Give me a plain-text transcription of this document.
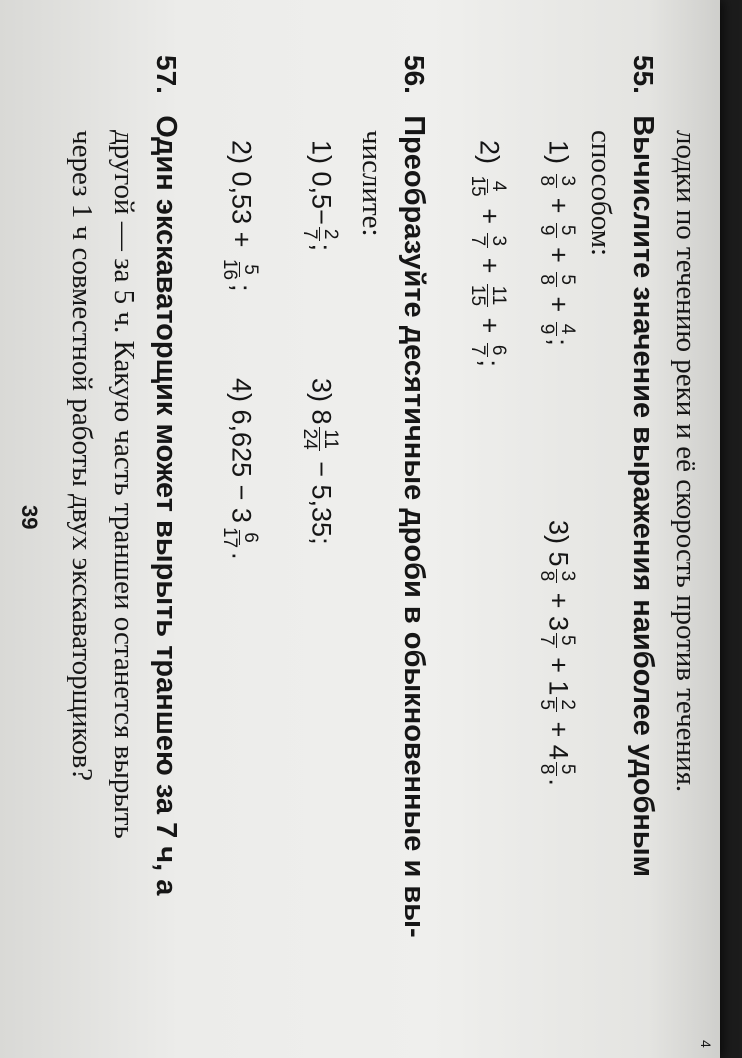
4
лодки по течению реки и её скорость против течения.
55. Вычислите значение выражения наиболее удобным
способом:
1)
3
8
+
5
9
+
5
8
+
4
9
;
3) 5
3
8
+ 3
5
7
+ 1
2
5
+ 4
5
8
.
2)
4
15
+
3
7
+
11
15
+
6
7
;
56. Преобразуйте десятичные дроби в обыкновенные и вы-
числите:
1) 0,5−
2
7
;
3) 8
11
24
− 5,35;
2) 0,53 +
5
16
;
4) 6,625 − 3
6
17
.
57. Один экскаваторщик может вырыть траншею за 7 ч, а
другой — за 5 ч. Какую часть траншеи останется вырыть
через 1 ч совместной работы двух экскаваторщиков?
39
